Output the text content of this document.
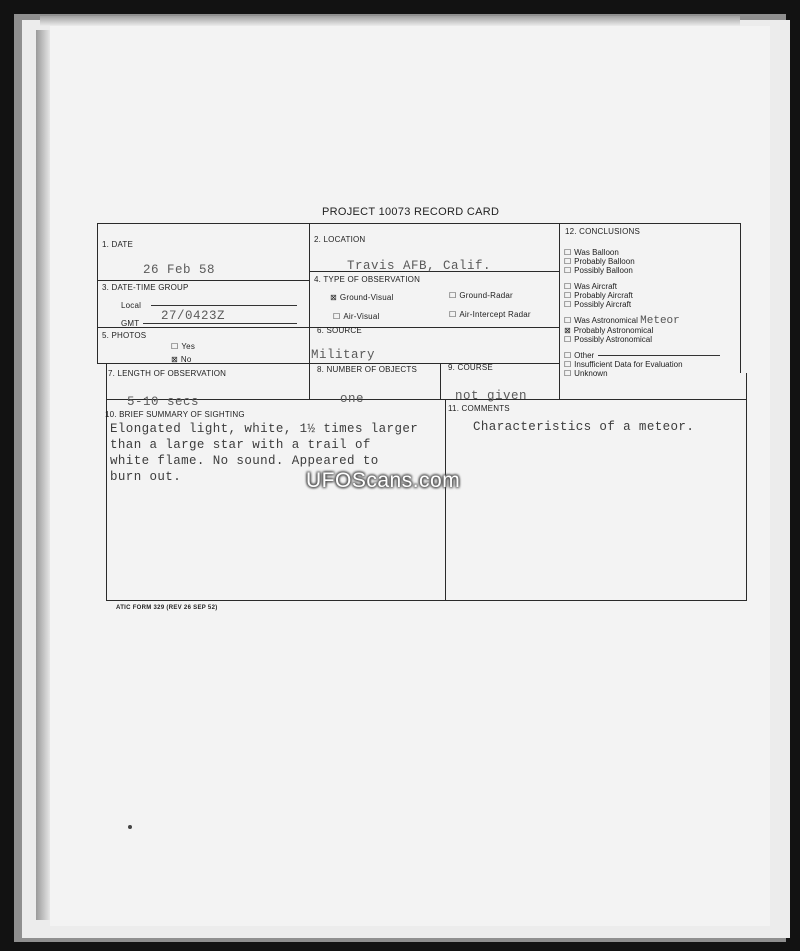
PROJECT 10073 RECORD CARD
1. DATE
26 Feb 58
2. LOCATION
Travis AFB, Calif.
3. DATE-TIME GROUP
Local
GMT
27/0423Z
4. TYPE OF OBSERVATION
⊠ Ground-Visual	☐ Ground-Radar
☐ Air-Visual	☐ Air-Intercept Radar
5. PHOTOS
☐ Yes
⊠ No
6. SOURCE
Military
7. LENGTH OF OBSERVATION
5-10 secs
8. NUMBER OF OBJECTS
one
9. COURSE
not given
10. BRIEF SUMMARY OF SIGHTING
Elongated light, white, 1½ times larger
than a large star with a trail of
white flame. No sound. Appeared to
burn out.
11. COMMENTS
Characteristics of a meteor.
12. CONCLUSIONS
☐ Was Balloon
☐ Probably Balloon
☐ Possibly Balloon
☐ Was Aircraft
☐ Probably Aircraft
☐ Possibly Aircraft
☐ Was Astronomical Meteor
⊠ Probably Astronomical
☐ Possibly Astronomical
☐ Other
☐ Insufficient Data for Evaluation
☐ Unknown
UFOScans.com
ATIC FORM 329 (REV 26 SEP 52)
